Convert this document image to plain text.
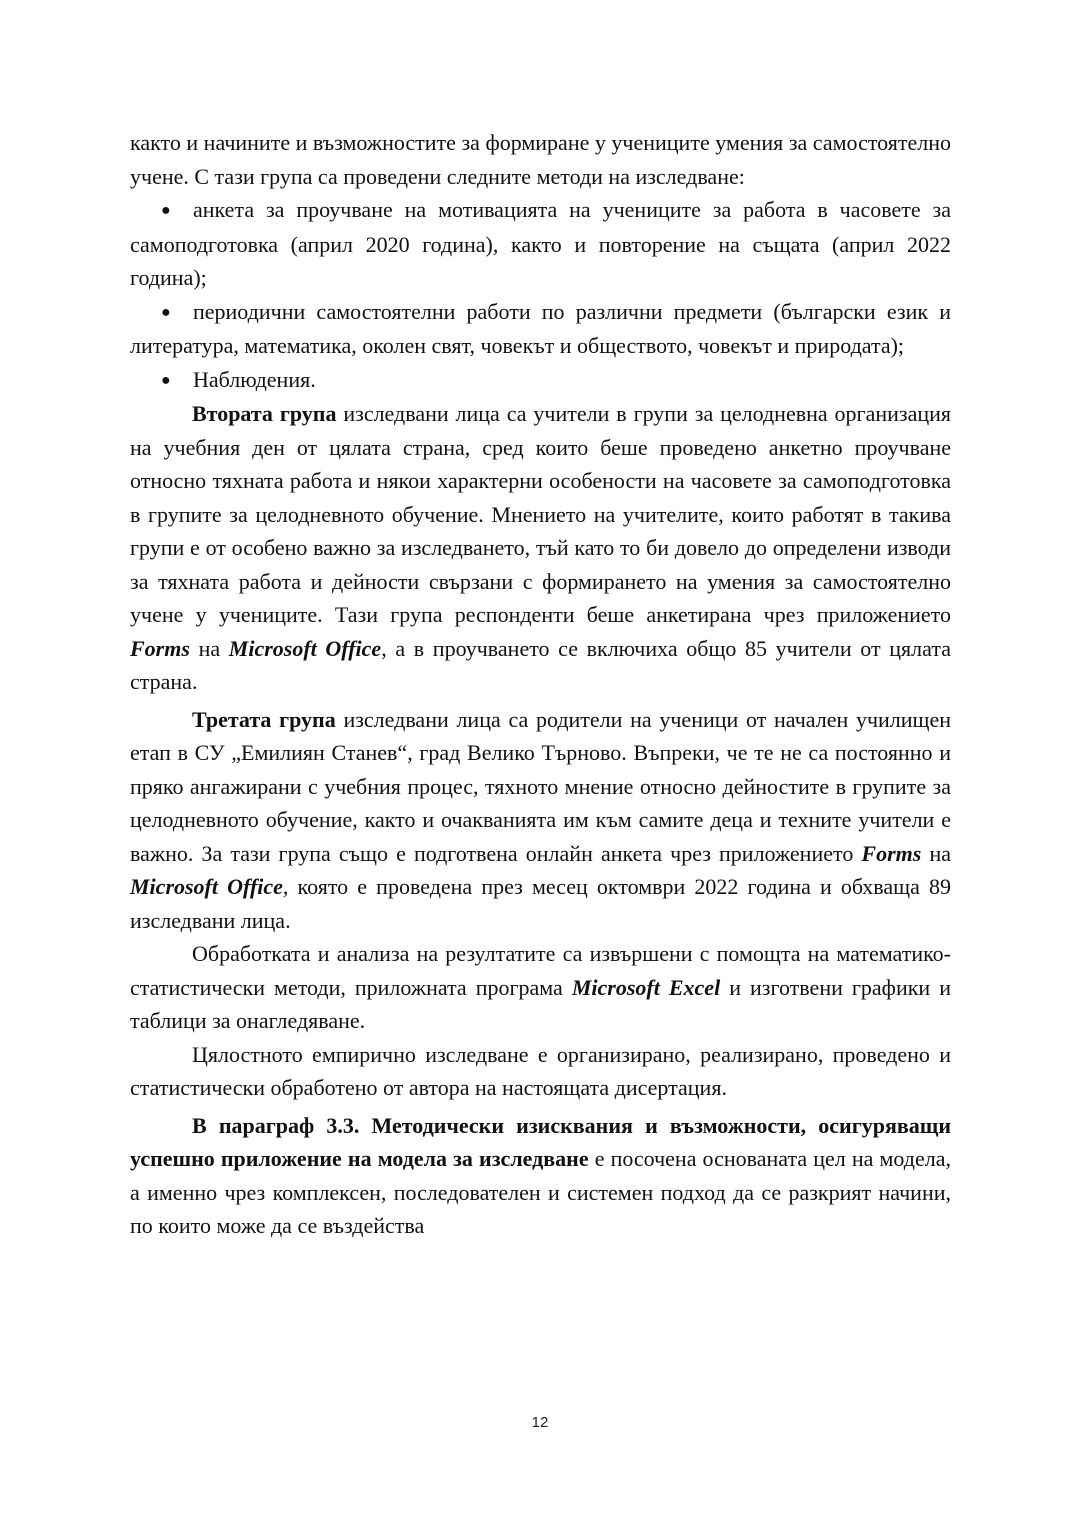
както и начините и възможностите за формиране у учениците умения за самостоятелно учене. С тази група са проведени следните методи на изследване:

● анкета за проучване на мотивацията на учениците за работа в часовете за самоподготовка (април 2020 година), както и повторение на същата (април 2022 година);

● периодични самостоятелни работи по различни предмети (български език и литература, математика, околен свят, човекът и обществото, човекът и природата);

● Наблюдения.

Втората група изследвани лица са учители в групи за целодневна организация на учебния ден от цялата страна, сред които беше проведено анкетно проучване относно тяхната работа и някои характерни особености на часовете за самоподготовка в групите за целодневното обучение. Мнението на учителите, които работят в такива групи е от особено важно за изследването, тъй като то би довело до определени изводи за тяхната работа и дейности свързани с формирането на умения за самостоятелно учене у учениците. Тази група респонденти беше анкетирана чрез приложението Forms на Microsoft Office, а в проучването се включиха общо 85 учители от цялата страна.

Третата група изследвани лица са родители на ученици от начален училищен етап в СУ „Емилиян Станев“, град Велико Търново. Въпреки, че те не са постоянно и пряко ангажирани с учебния процес, тяхното мнение относно дейностите в групите за целодневното обучение, както и очакванията им към самите деца и техните учители е важно. За тази група също е подготвена онлайн анкета чрез приложението Forms на Microsoft Office, която е проведена през месец октомври 2022 година и обхваща 89 изследвани лица.

Обработката и анализа на резултатите са извършени с помощта на математико-статистически методи, приложната програма Microsoft Excel и изготвени графики и таблици за онагледяване.

Цялостното емпирично изследване е организирано, реализирано, проведено и статистически обработено от автора на настоящата дисертация.

В параграф 3.3. Методически изисквания и възможности, осигуряващи успешно приложение на модела за изследване е посочена основаната цел на модела, а именно чрез комплексен, последователен и системен подход да се разкрият начини, по които може да се въздейства

12
